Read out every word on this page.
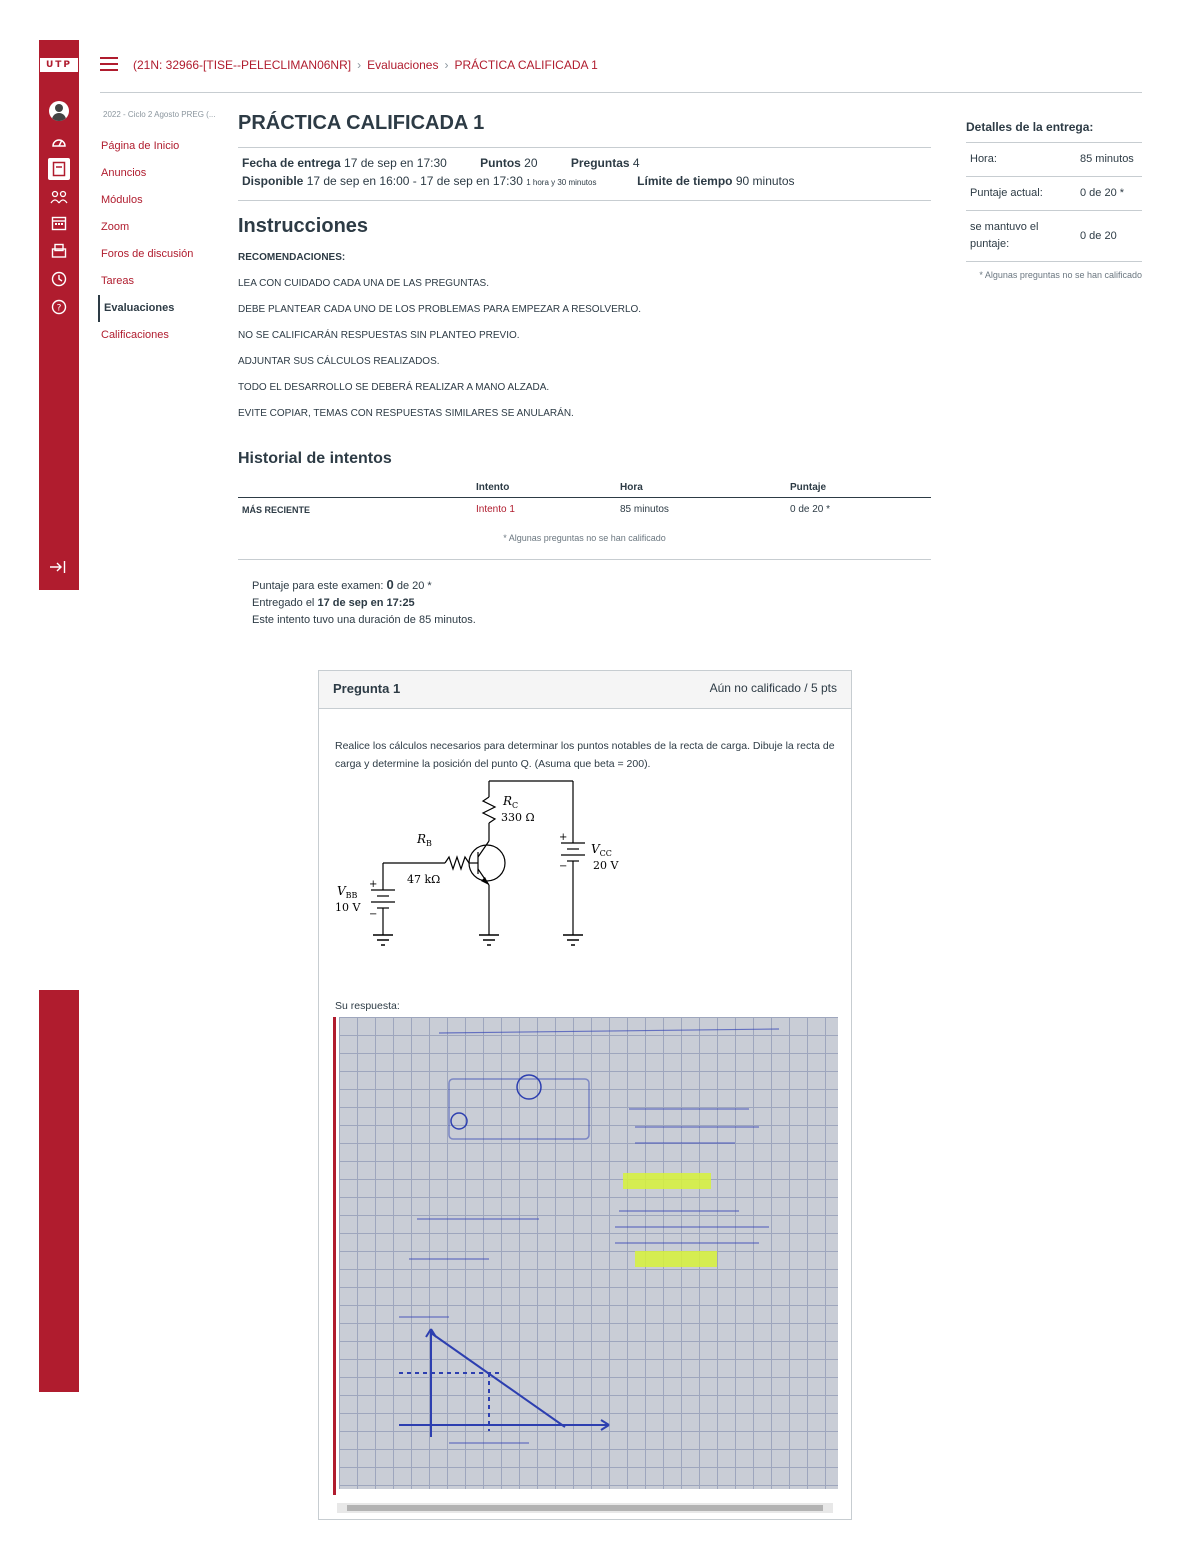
UTP
?
(21N: 32966-[TISE--PELECLIMAN06NR] › Evaluaciones › PRÁCTICA CALIFICADA 1
2022 - Ciclo 2 Agosto PREG (...
Página de Inicio
Anuncios
Módulos
Zoom
Foros de discusión
Tareas
Evaluaciones
Calificaciones
PRÁCTICA CALIFICADA 1
Fecha de entrega 17 de sep en 17:30	Puntos 20	Preguntas 4
Disponible 17 de sep en 16:00 - 17 de sep en 17:30 1 hora y 30 minutos	Límite de tiempo 90 minutos
Instrucciones

RECOMENDACIONES:

LEA CON CUIDADO CADA UNA DE LAS PREGUNTAS.

DEBE PLANTEAR CADA UNO DE LOS PROBLEMAS PARA EMPEZAR A RESOLVERLO.

NO SE CALIFICARÁN RESPUESTAS SIN PLANTEO PREVIO.

ADJUNTAR SUS CÁLCULOS REALIZADOS.

TODO EL DESARROLLO SE DEBERÁ REALIZAR A MANO ALZADA.

EVITE COPIAR, TEMAS CON RESPUESTAS SIMILARES SE ANULARÁN.

Historial de intentos
	Intento	Hora	Puntaje
MÁS RECIENTE	Intento 1	85 minutos	0 de 20 *
* Algunas preguntas no se han calificado
Puntaje para este examen: 0 de 20 *
Entregado el 17 de sep en 17:25
Este intento tuvo una duración de 85 minutos.
Pregunta 1	Aún no calificado / 5 pts
Realice los cálculos necesarios para determinar los puntos notables de la recta de carga. Dibuje la recta de carga y determine la posición del punto Q. (Asuma que beta = 200).
$R_C$
330 Ω
$R_B$
47 kΩ
$V_{BB}$
10 V
+
−
$V_{CC}$
20 V
+
−
Su respuesta:
Detalles de la entrega:
Hora:	85 minutos
Puntaje actual:	0 de 20 *
se mantuvo el puntaje:	0 de 20
* Algunas preguntas no se han calificado
